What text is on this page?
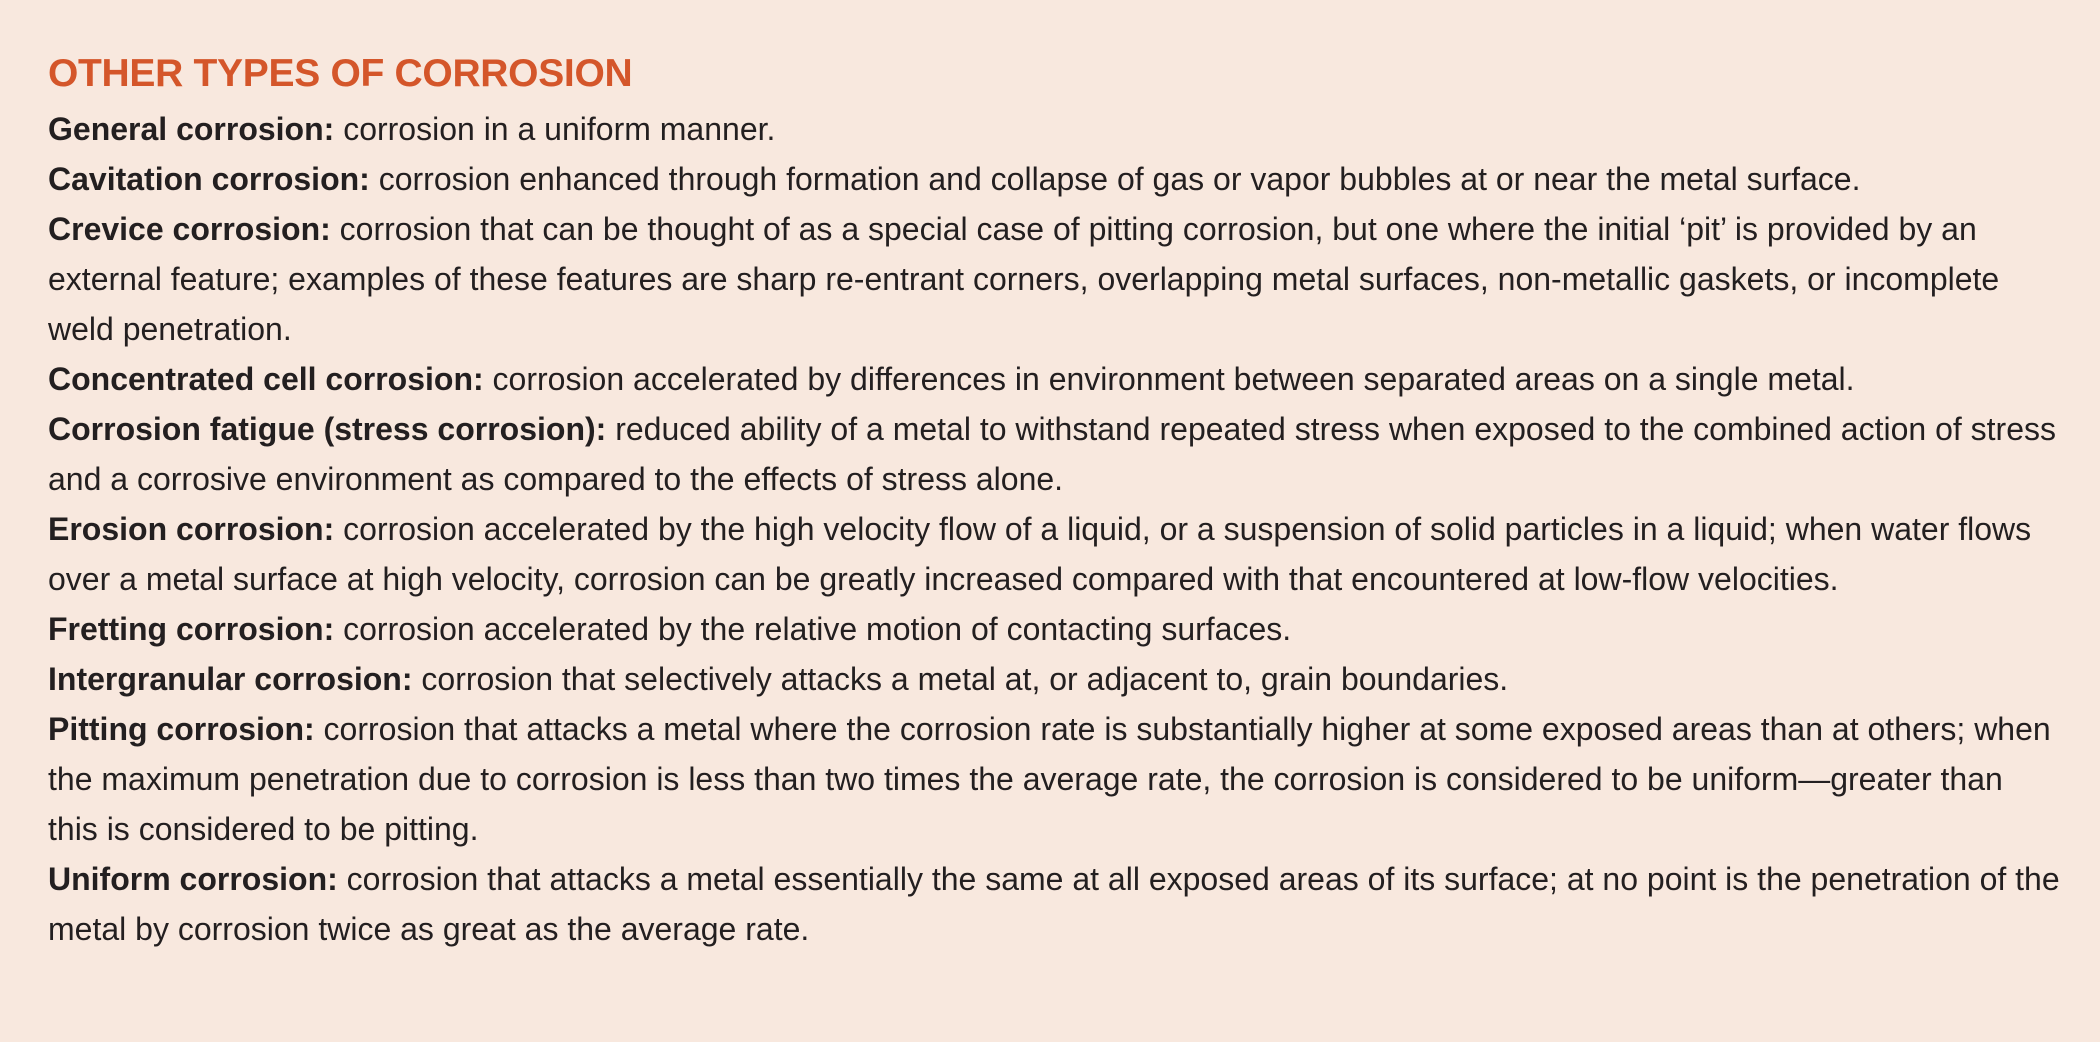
OTHER TYPES OF CORROSION

General corrosion: corrosion in a uniform manner.

Cavitation corrosion: corrosion enhanced through formation and collapse of gas or vapor bubbles at or near the metal surface.

Crevice corrosion: corrosion that can be thought of as a special case of pitting corrosion, but one where the initial ‘pit’ is provided by an external feature; examples of these features are sharp re-entrant corners, overlapping metal surfaces, non-metallic gaskets, or incomplete weld penetration.

Concentrated cell corrosion: corrosion accelerated by differences in environment between separated areas on a single metal.

Corrosion fatigue (stress corrosion): reduced ability of a metal to withstand repeated stress when exposed to the combined action of stress and a corrosive environment as compared to the effects of stress alone.

Erosion corrosion: corrosion accelerated by the high velocity flow of a liquid, or a suspension of solid particles in a liquid; when water flows over a metal surface at high velocity, corrosion can be greatly increased compared with that encountered at low-flow velocities.

Fretting corrosion: corrosion accelerated by the relative motion of contacting surfaces.

Intergranular corrosion: corrosion that selectively attacks a metal at, or adjacent to, grain boundaries.

Pitting corrosion: corrosion that attacks a metal where the corrosion rate is substantially higher at some exposed areas than at others; when the maximum penetration due to corrosion is less than two times the average rate, the corrosion is considered to be uniform—greater than this is considered to be pitting.

Uniform corrosion: corrosion that attacks a metal essentially the same at all exposed areas of its surface; at no point is the penetration of the metal by corrosion twice as great as the average rate.
